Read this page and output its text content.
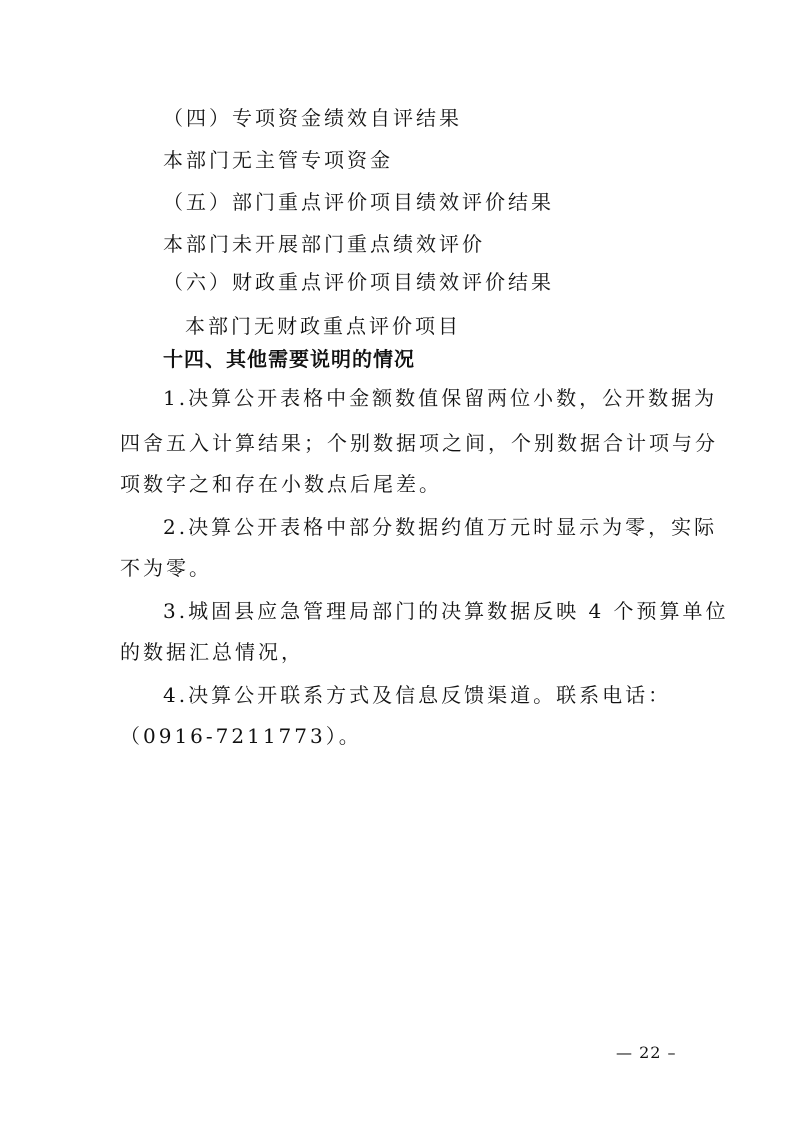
（四）专项资金绩效自评结果
本部门无主管专项资金
（五）部门重点评价项目绩效评价结果
本部门未开展部门重点绩效评价
（六）财政重点评价项目绩效评价结果
本部门无财政重点评价项目
十四、其他需要说明的情况
1.决算公开表格中金额数值保留两位小数，公开数据为
四舍五入计算结果；个别数据项之间，个别数据合计项与分
项数字之和存在小数点后尾差。
2.决算公开表格中部分数据约值万元时显示为零，实际
不为零。
3.城固县应急管理局部门的决算数据反映 4 个预算单位
的数据汇总情况，
4.决算公开联系方式及信息反馈渠道。联系电话：
（0916-7211773）。
— 22 –
